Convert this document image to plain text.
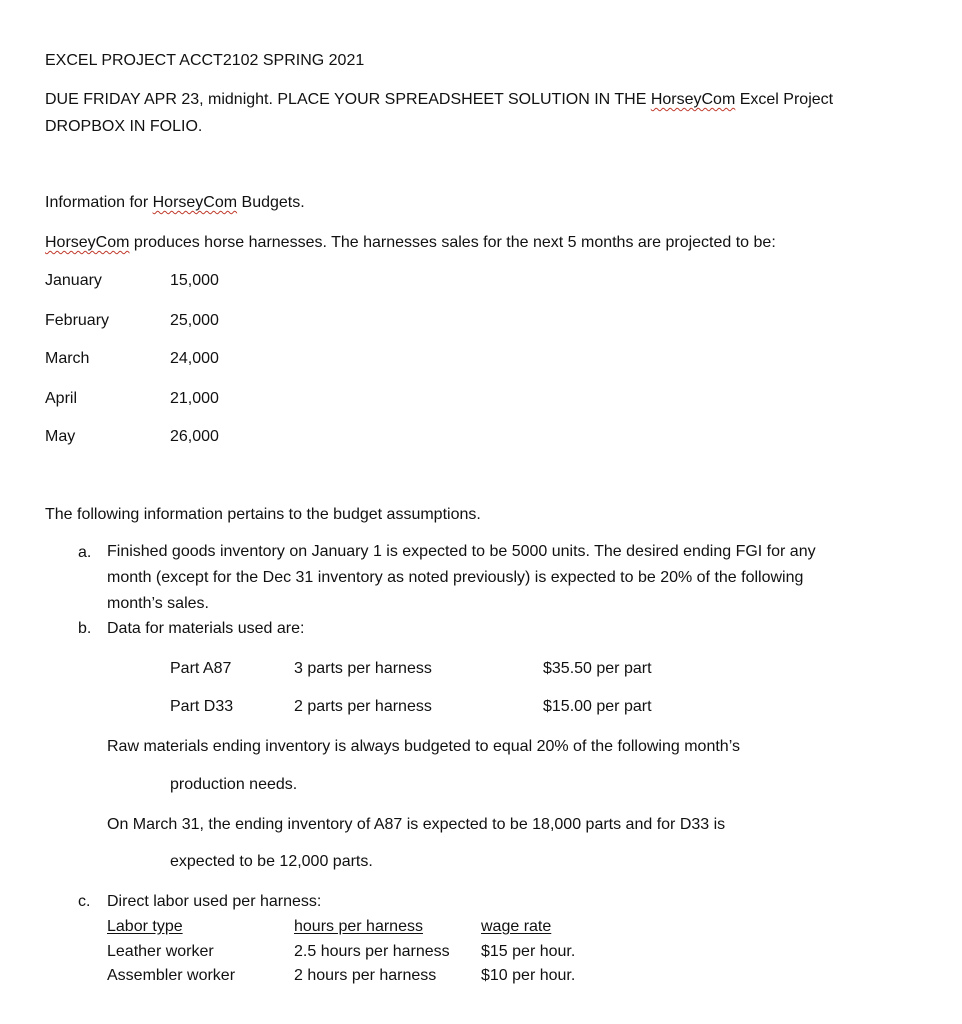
EXCEL PROJECT ACCT2102 SPRING 2021
DUE FRIDAY APR 23, midnight. PLACE YOUR SPREADSHEET SOLUTION IN THE HorseyCom Excel Project
DROPBOX IN FOLIO.
Information for HorseyCom Budgets.
HorseyCom produces horse harnesses. The harnesses sales for the next 5 months are projected to be:
January	15,000
February	25,000
March	24,000
April	21,000
May	26,000
The following information pertains to the budget assumptions.
a. Finished goods inventory on January 1 is expected to be 5000 units. The desired ending FGI for any month (except for the Dec 31 inventory as noted previously) is expected to be 20% of the following month’s sales.
b. Data for materials used are:
Part A87	3 parts per harness	$35.50 per part
Part D33	2 parts per harness	$15.00 per part
Raw materials ending inventory is always budgeted to equal 20% of the following month’s
production needs.
On March 31, the ending inventory of A87 is expected to be 18,000 parts and for D33 is
expected to be 12,000 parts.
c. Direct labor used per harness:
Labor type	hours per harness	wage rate
Leather worker	2.5 hours per harness $15 per hour.
Assembler worker	2 hours per harness	$10 per hour.
